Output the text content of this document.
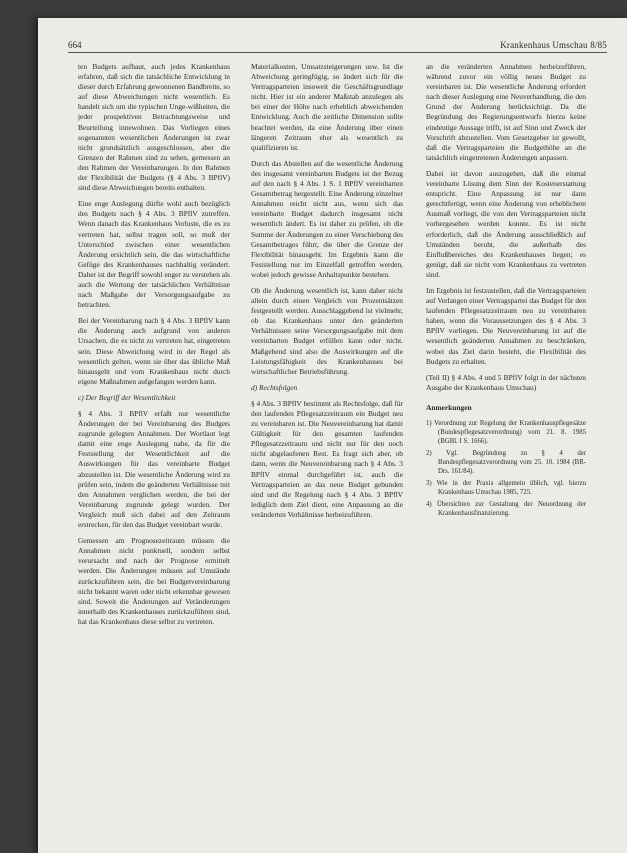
664	Krankenhaus Umschau 8/85

ten Budgets aufbaut, auch jedes Krankenhaus erfahren, daß sich die tatsächliche Entwicklung in dieser durch Erfahrung gewonnenen Bandbreite, so auf diese Abweichungen nicht wesentlich. Es handelt sich um die typischen Unge-wißheiten, die jeder prospektiven Betrachtungsweise und Beurteilung innewohnen. Das Vorliegen eines sogenannten wesentlichen Änderungen ist zwar nicht grundsätzlich ausgeschlossen, aber die Grenzen der Rahmen sind zu sehen, gemessen an den Rahmen der Vereinbarungen. In den Rahmen der Flexibilität der Budgets (§ 4 Abs. 3 BPflV) sind diese Abweichungen bereits enthalten.

Eine enge Auslegung dürfte wohl auch bezüglich des Budgets nach § 4 Abs. 3 BPflV zutreffen. Wenn danach das Krankenhaus Verluste, die es zu vertreten hat, selbst tragen soll, so muß der Unterschied zwischen einer wesentlichen Änderung ersichtlich sein, die das wirtschaftliche Gefüge des Krankenhauses nachhaltig verändert. Daher ist der Begriff sowohl enger zu verstehen als auch die Wertung der tatsächlichen Verhältnisse nach Maßgabe der Versorgungsaufgabe zu betrachten.

Bei der Vereinbarung nach § 4 Abs. 3 BPflV kann die Änderung auch aufgrund von anderen Ursachen, die es nicht zu vertreten hat, eingetreten sein. Diese Abweichung wird in der Regel als wesentlich gelten, wenn sie über das übliche Maß hinausgeht und vom Krankenhaus nicht durch eigene Maßnahmen aufgefangen werden kann.

c) Der Begriff der Wesentlichkeit

§ 4 Abs. 3 BPflV erfaßt nur wesentliche Änderungen der bei Vereinbarung des Budgets zugrunde gelegten Annahmen. Der Wortlaut legt damit eine enge Auslegung nahe, da für die Feststellung der Wesentlichkeit auf die Auswirkungen für das vereinbarte Budget abzustellen ist. Die wesentliche Änderung wird zu prüfen sein, indem die geänderten Verhältnisse mit den Annahmen verglichen werden, die bei der Vereinbarung zugrunde gelegt wurden. Der Vergleich muß sich dabei auf den Zeitraum erstrecken, für den das Budget vereinbart wurde.

Gemessen am Prognosezeitraum müssen die Annahmen nicht punktuell, sondern selbst verursacht und nach der Prognose ermittelt werden. Die Änderungen müssen auf Umstände zurückzuführen sein, die bei Budgetvereinbarung nicht bekannt waren oder nicht erkennbar gewesen sind. Soweit die Änderungen auf Veränderungen innerhalb des Krankenhauses zurückzuführen sind, hat das Krankenhaus diese selbst zu vertreten.

Materialkosten, Umsatzsteigerungen usw. Ist die Abweichung geringfügig, so ändert sich für die Vertragsparteien insoweit die Geschäftsgrundlage nicht. Hier ist ein anderer Maßstab anzulegen als bei einer der Höhe nach erheblich abweichenden Entwicklung. Auch die zeitliche Dimension sollte beachtet werden, da eine Änderung über einen längeren Zeitraum eher als wesentlich zu qualifizieren ist.

Durch das Abstellen auf die wesentliche Änderung des insgesamt vereinbarten Budgets ist der Bezug auf den nach § 4 Abs. 1 S. 1 BPflV vereinbarten Gesamtbetrag hergestellt. Eine Änderung einzelner Annahmen reicht nicht aus, wenn sich das vereinbarte Budget dadurch insgesamt nicht wesentlich ändert. Es ist daher zu prüfen, ob die Summe der Änderungen zu einer Verschiebung des Gesamtbetrages führt, die über die Grenze der Flexibilität hinausgeht. Im Ergebnis kann die Feststellung nur im Einzelfall getroffen werden, wobei jedoch gewisse Anhaltspunkte bestehen.

Ob die Änderung wesentlich ist, kann daher nicht allein durch einen Vergleich von Prozentsätzen festgestellt werden. Ausschlaggebend ist vielmehr, ob das Krankenhaus unter den geänderten Verhältnissen seine Versorgungsaufgabe mit dem vereinbarten Budget erfüllen kann oder nicht. Maßgebend sind also die Auswirkungen auf die Leistungsfähigkeit des Krankenhauses bei wirtschaftlicher Betriebsführung.

d) Rechtsfolgen

§ 4 Abs. 3 BPflV bestimmt als Rechtsfolge, daß für den laufenden Pflegesatzzeitraum ein Budget neu zu vereinbaren ist. Die Neuvereinbarung hat damit Gültigkeit für den gesamten laufenden Pflegesatzzeitraum und nicht nur für den noch nicht abgelaufenen Rest. Es fragt sich aber, ob dann, wenn die Neuvereinbarung nach § 4 Abs. 3 BPflV einmal durchgeführt ist, auch die Vertragsparteien an das neue Budget gebunden sind und die Regelung nach § 4 Abs. 3 BPflV lediglich dem Ziel dient, eine Anpassung an die veränderten Verhältnisse herbeizuführen.

an die veränderten Annahmen herbeizuführen, während zuvor ein völlig neues Budget zu vereinbaren ist. Die wesentliche Änderung erfordert nach dieser Auslegung eine Neuverhandlung, die den Grund der Änderung berücksichtigt. Da die Begründung des Regierungsentwurfs hierzu keine eindeutige Aussage trifft, ist auf Sinn und Zweck der Vorschrift abzustellen. Vom Gesetzgeber ist gewollt, daß die Vertragsparteien die Budgethöhe an die tatsächlich eingetretenen Änderungen anpassen.

Dabei ist davon auszugehen, daß die einmal vereinbarte Lösung dem Sinn der Kostenerstattung entspricht. Eine Anpassung ist nur dann gerechtfertigt, wenn eine Änderung von erheblichem Ausmaß vorliegt, die von den Vertragsparteien nicht vorhergesehen werden konnte. Es ist nicht erforderlich, daß die Änderung ausschließlich auf Umständen beruht, die außerhalb des Einflußbereiches des Krankenhauses liegen; es genügt, daß sie nicht vom Krankenhaus zu vertreten sind.

Im Ergebnis ist festzustellen, daß die Vertragsparteien auf Verlangen einer Vertragspartei das Budget für den laufenden Pflegesatzzeitraum neu zu vereinbaren haben, wenn die Voraussetzungen des § 4 Abs. 3 BPflV vorliegen. Die Neuvereinbarung ist auf die wesentlich geänderten Annahmen zu beschränken, wobei das Ziel darin besteht, die Flexibilität des Budgets zu erhalten.

(Teil II) § 4 Abs. 4 und 5 BPflV folgt in der nächsten Ausgabe der Krankenhaus Umschau)

Anmerkungen

1) Verordnung zur Regelung der Krankenhauspflegesätze (Bundespflegesatzverordnung) vom 21. 8. 1985 (BGBl. I S. 1666).

2) Vgl. Begründung zu § 4 der Bundespflegesatzverordnung vom 25. 10. 1984 (BR-Drs. 161/84).

3) Wie in der Praxis allgemein üblich, vgl. hierzu Krankenhaus Umschau 1985, 725.

4) Übersichten zur Gestaltung der Neuordnung der Krankenhausfinanzierung.
